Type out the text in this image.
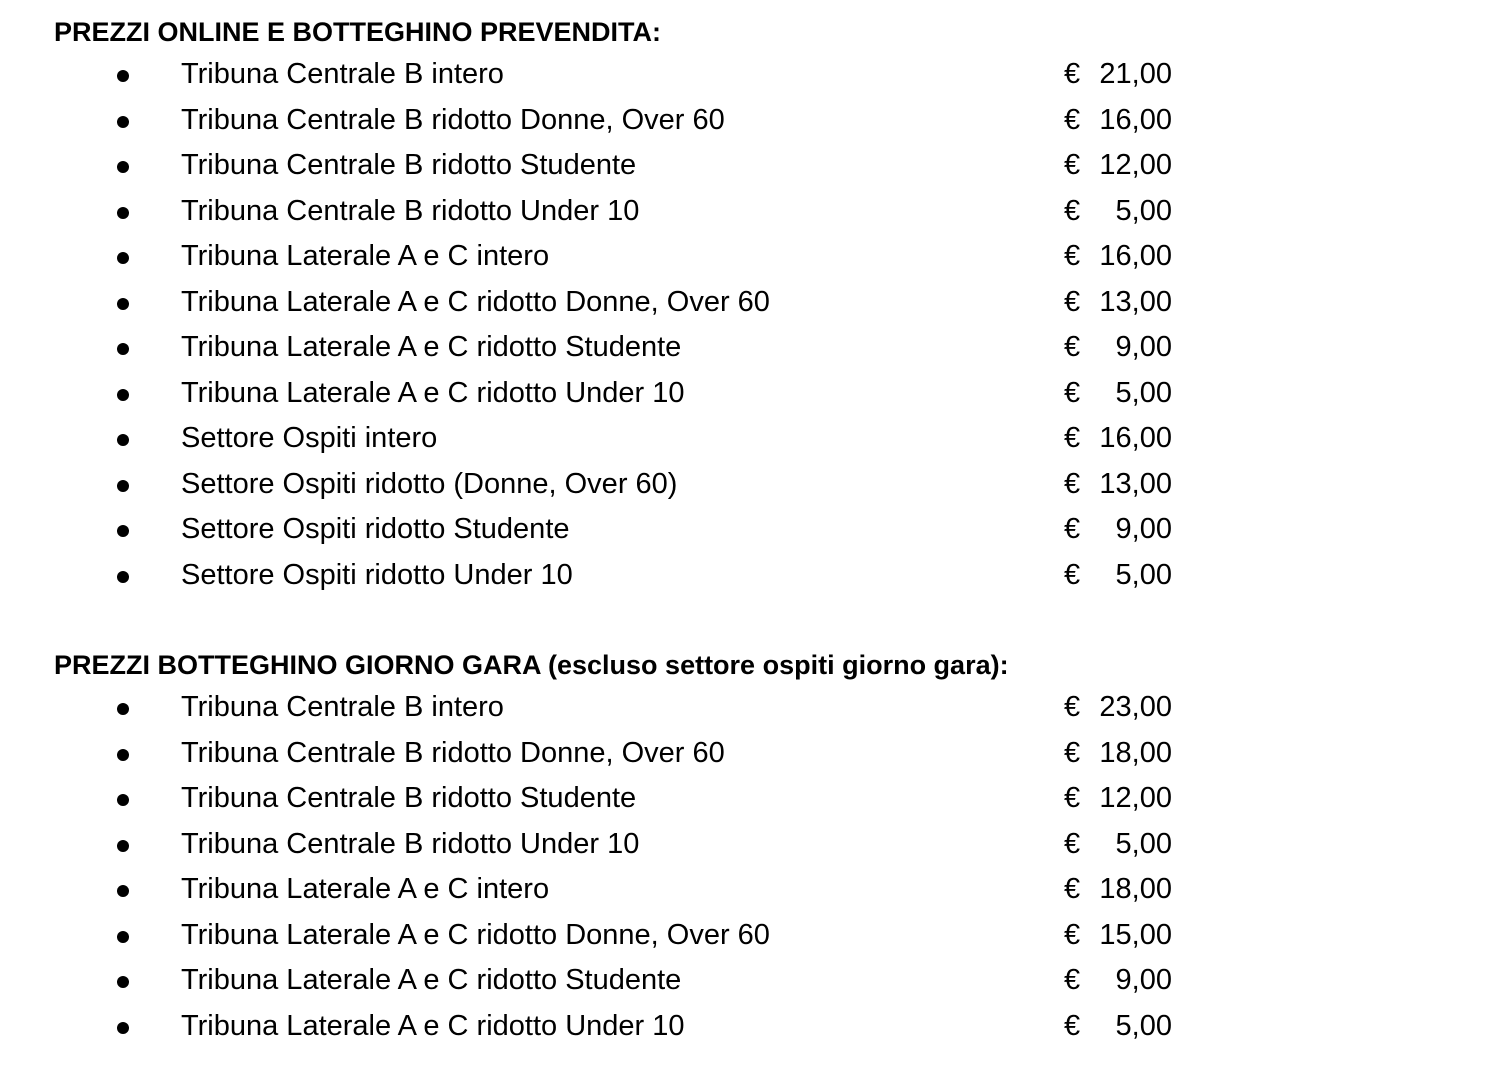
PREZZI ONLINE E BOTTEGHINO PREVENDITA:
Tribuna Centrale B intero	€ 21,00
Tribuna Centrale B ridotto Donne, Over 60	€ 16,00
Tribuna Centrale B ridotto Studente	€ 12,00
Tribuna Centrale B ridotto Under 10	€ 5,00
Tribuna Laterale A e C intero	€ 16,00
Tribuna Laterale A e C ridotto Donne, Over 60	€ 13,00
Tribuna Laterale A e C ridotto Studente	€ 9,00
Tribuna Laterale A e C ridotto Under 10	€ 5,00
Settore Ospiti intero	€ 16,00
Settore Ospiti ridotto (Donne, Over 60)	€ 13,00
Settore Ospiti ridotto Studente	€ 9,00
Settore Ospiti ridotto Under 10	€ 5,00
PREZZI BOTTEGHINO GIORNO GARA (escluso settore ospiti giorno gara):
Tribuna Centrale B intero	€ 23,00
Tribuna Centrale B ridotto Donne, Over 60	€ 18,00
Tribuna Centrale B ridotto Studente	€ 12,00
Tribuna Centrale B ridotto Under 10	€ 5,00
Tribuna Laterale A e C intero	€ 18,00
Tribuna Laterale A e C ridotto Donne, Over 60	€ 15,00
Tribuna Laterale A e C ridotto Studente	€ 9,00
Tribuna Laterale A e C ridotto Under 10	€ 5,00
